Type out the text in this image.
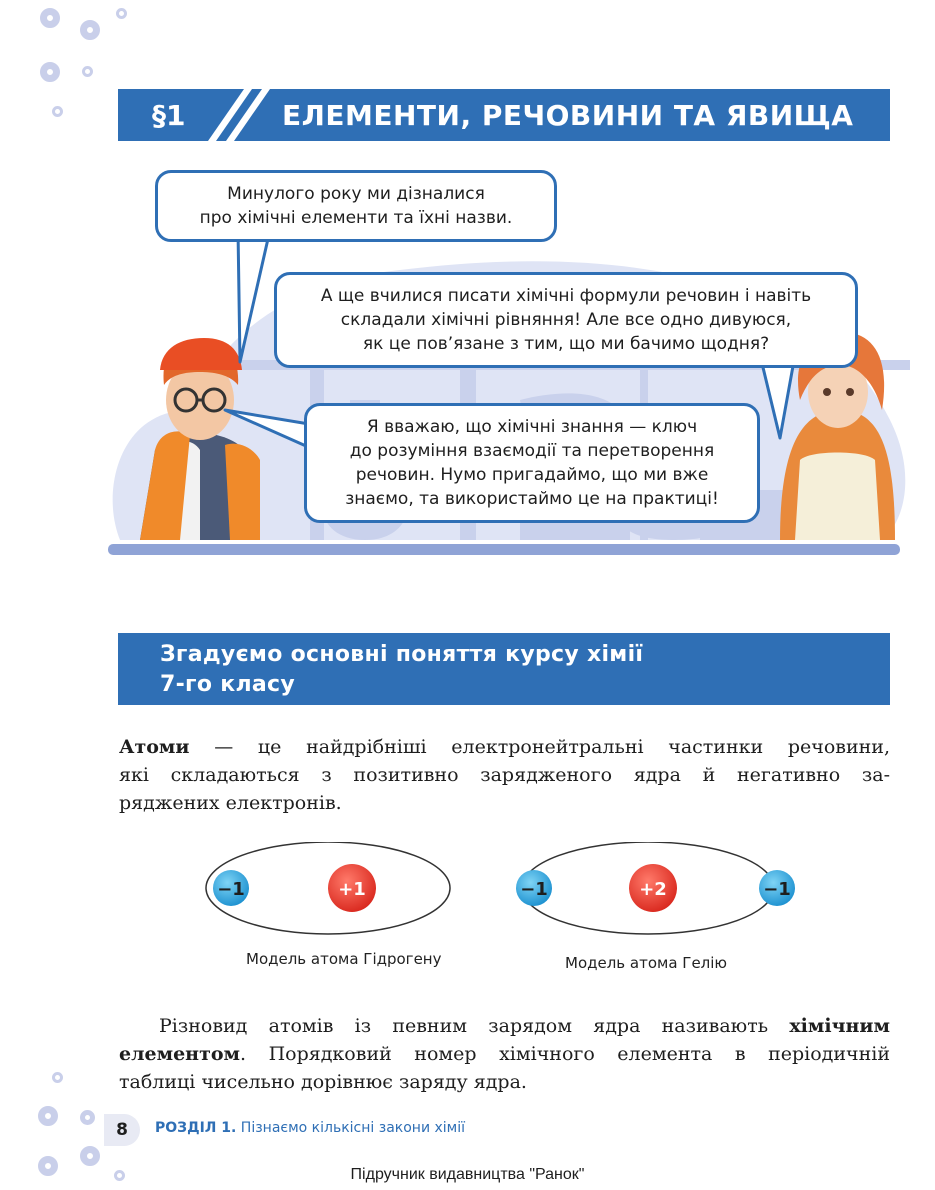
§1	ЕЛЕМЕНТИ, РЕЧОВИНИ ТА ЯВИЩА
Минулого року ми дізналися
про хімічні елементи та їхні назви.
А ще вчилися писати хімічні формули речовин і навіть
складали хімічні рівняння! Але все одно дивуюся,
як це пов’язане з тим, що ми бачимо щодня?
Я вважаю, що хімічні знання — ключ
до розуміння взаємодії та перетворення
речовин. Нумо пригадаймо, що ми вже
знаємо, та використаймо це на практиці!
Згадуємо основні поняття курсу хімії
7-го класу
Атоми — це найдрібніші електронейтральні частинки речовини,
які складаються з позитивно зарядженого ядра й негативно за-
ряджених електронів.
−1	+1	−1	+2	−1
Модель атома Гідрогену	Модель атома Гелію
Різновид атомів із певним зарядом ядра називають хімічним
елементом. Порядковий номер хімічного елемента в періодичній
таблиці чисельно дорівнює заряду ядра.
8	РОЗДІЛ 1. Пізнаємо кількісні закони хімії
Підручник видавництва "Ранок"
